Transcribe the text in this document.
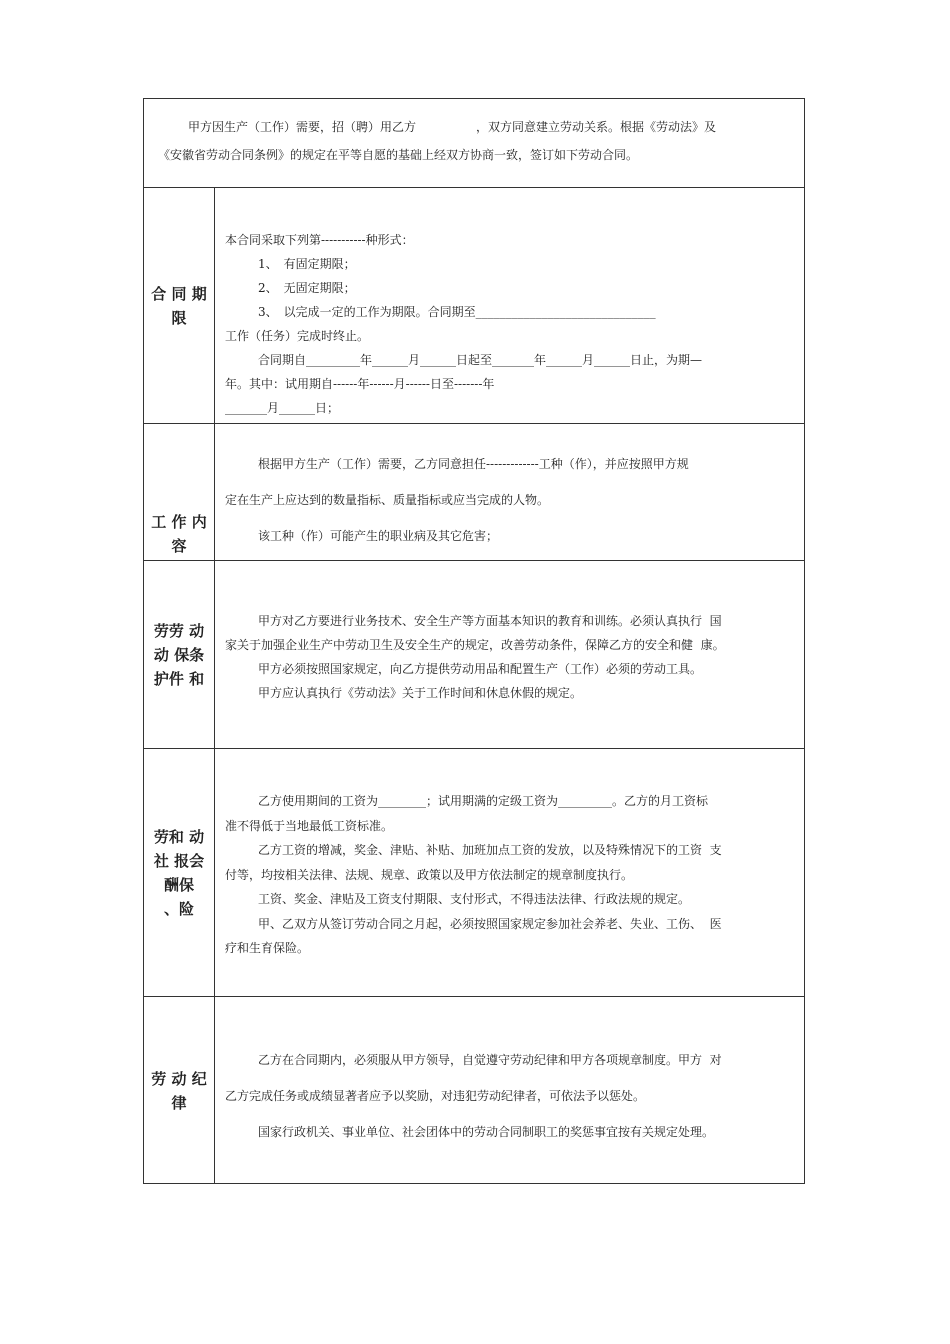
甲方因生产（工作）需要，招（聘）用乙方　　　　　，双方同意建立劳动关系。根据《劳动法》及

《安徽省劳动合同条例》的规定在平等自愿的基础上经双方协商一致，签订如下劳动合同。

合 同 期
限

本合同采取下列第-----------种形式：

1、　有固定期限；

2、　无固定期限；

3、　以完成一定的工作为期限。合同期至______________________________

工作（任务）完成时终止。

合同期自_________年______月______日起至_______年______月______日止，为期—

年。其中：试用期自------年------月------日至-------年

_______月______日；

工 作 内
容

根据甲方生产（工作）需要，乙方同意担任-------------工种（作），并应按照甲方规

定在生产上应达到的数量指标、质量指标或应当完成的人物。

该工种（作）可能产生的职业病及其它危害；

劳劳 动
动 保条
护件 和

甲方对乙方要进行业务技术、安全生产等方面基本知识的教育和训练。必须认真执行  国

家关于加强企业生产中劳动卫生及安全生产的规定，改善劳动条件，保障乙方的安全和健  康。

甲方必须按照国家规定，向乙方提供劳动用品和配置生产（工作）必须的劳动工具。

甲方应认真执行《劳动法》关于工作时间和休息休假的规定。

劳和 动
社 报会
酬保
、险

乙方使用期间的工资为________；试用期满的定级工资为_________。乙方的月工资标

准不得低于当地最低工资标准。

乙方工资的增减，奖金、津贴、补贴、加班加点工资的发放，以及特殊情况下的工资  支

付等，均按相关法律、法规、规章、政策以及甲方依法制定的规章制度执行。

工资、奖金、津贴及工资支付期限、支付形式，不得违法法律、行政法规的规定。

甲、乙双方从签订劳动合同之月起，必须按照国家规定参加社会养老、失业、工伤、  医

疗和生育保险。

劳 动 纪
律

乙方在合同期内，必须服从甲方领导，自觉遵守劳动纪律和甲方各项规章制度。甲方  对

乙方完成任务或成绩显著者应予以奖励，对违犯劳动纪律者，可依法予以惩处。

国家行政机关、事业单位、社会团体中的劳动合同制职工的奖惩事宜按有关规定处理。
